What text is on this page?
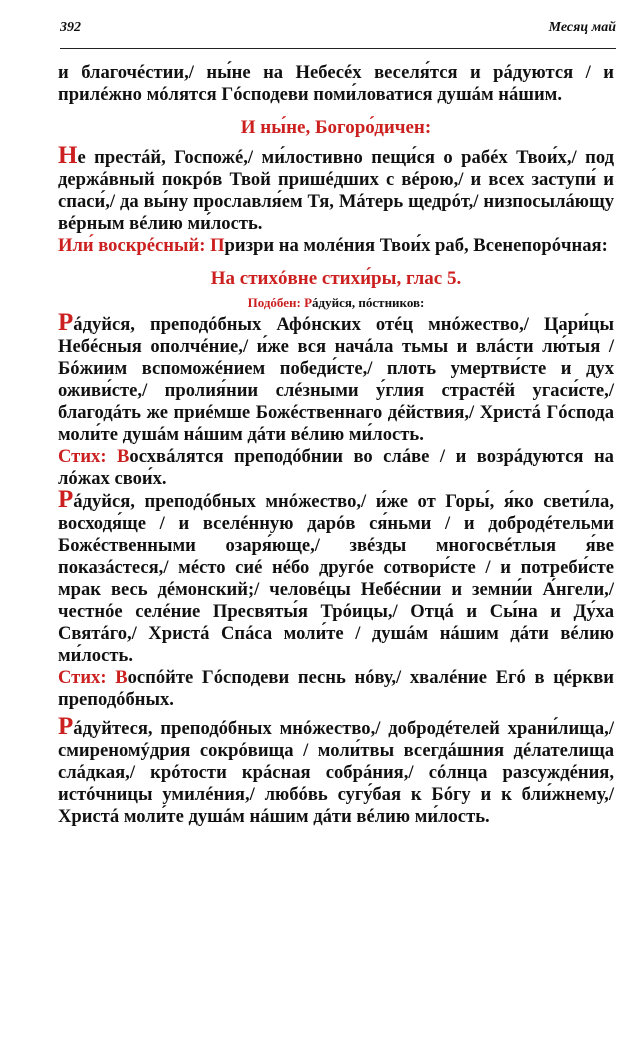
392	Месяц май

и благочéстии,/ ны́не на Небесéх веселя́тся и рáдуются / и прилéжно мóлятся Гóсподеви поми́ловатися душáм нáшим.

И ны́не, Богоро́дичен:

Не престáй, Госпожé,/ ми́лостивно пещи́ся о рабéх Твои́х,/ под держáвный покрóв Твой пришéдших с вéрою,/ и всех заступи́ и спаси́,/ да вы́ну прославля́ем Тя, Мáтерь щедрóт,/ низпосылáющу вéрным вéлию ми́лость.

Или́ воскрéсный: Призри на молéния Твои́х раб, Всенепорóчная:

На стихóвне стихи́ры, глас 5.
Подóбен: Рáдуйся, пóстников:

Рáдуйся, преподóбных Афóнских отéц мнóжество,/ Цари́цы Небéсныя ополчéние,/ и́же вся начáла тьмы и влáсти лю́тыя / Бóжиим вспоможéнием победи́сте,/ плоть умертви́сте и дух оживи́сте,/ пролия́нии слéзными у́глия страстéй угаси́сте,/ благодáть же приéмше Божéственнаго дéйствия,/ Христá Гóспода моли́те душáм нáшим дáти вéлию ми́лость.

Стих: Восхвáлятся преподóбнии во слáве / и возрáдуются на лóжах свои́х.

Рáдуйся, преподóбных мнóжество,/ и́же от Горы́, я́ко свети́ла, восходя́ще / и вселéнную дарóв ся́ньми / и добродéтельми Божéственными озаря́юще,/ звéзды многосвéтлыя я́ве показáстеся,/ мéсто сиé нéбо другóе сотвори́сте / и потреби́сте мрак весь дéмонский;/ человéцы Небéснии и земни́и А́нгели,/ честнóе селéние Пресвяты́я Трóицы,/ Отцá и Сы́на и Ду́ха Святáго,/ Христá Спáса моли́те / душáм нáшим дáти вéлию ми́лость.

Стих: Воспóйте Гóсподеви песнь нóву,/ хвалéние Егó в цéркви преподóбных.

Рáдуйтеся, преподóбных мнóжество,/ добродéтелей храни́лища,/ смиреномýдрия сокрóвища / моли́твы всегдáшния дéлателища слáдкая,/ крóтости крáсная собрáния,/ сóлнца разсуждéния, истóчницы умилéния,/ любóвь сугу́бая к Бóгу и к бли́жнему,/ Христá моли́те душáм нáшим дáти вéлию ми́лость.
